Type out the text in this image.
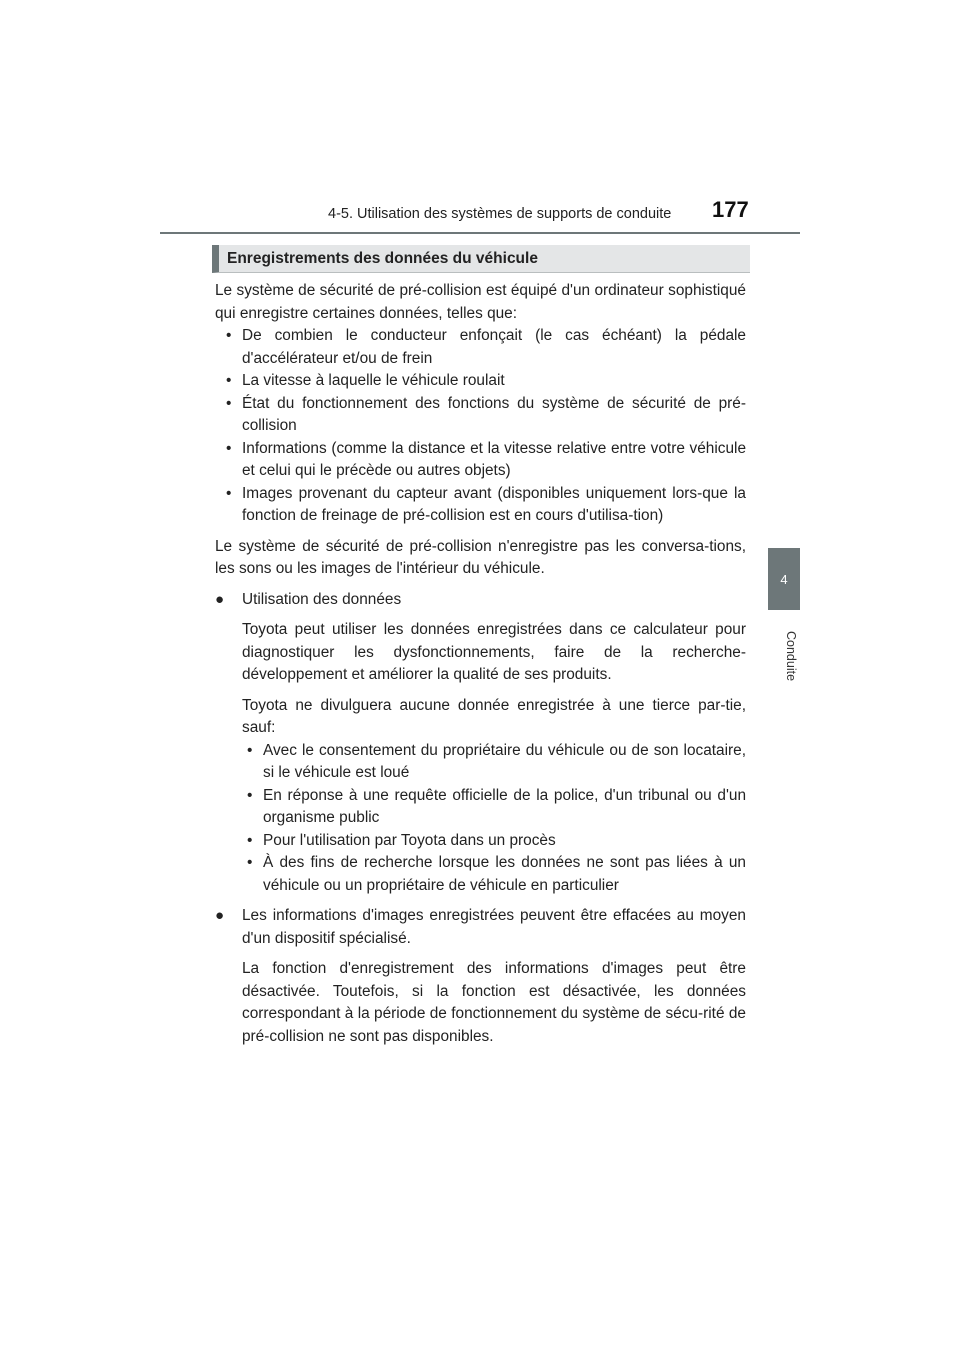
4-5. Utilisation des systèmes de supports de conduite 177
4
Conduite
Enregistrements des données du véhicule

Le système de sécurité de pré-collision est équipé d'un ordinateur sophistiqué qui enregistre certaines données, telles que:

• De combien le conducteur enfonçait (le cas échéant) la pédale d'accélérateur et/ou de frein
• La vitesse à laquelle le véhicule roulait
• État du fonctionnement des fonctions du système de sécurité de pré-collision
• Informations (comme la distance et la vitesse relative entre votre véhicule et celui qui le précède ou autres objets)
• Images provenant du capteur avant (disponibles uniquement lors-que la fonction de freinage de pré-collision est en cours d'utilisa-tion)

Le système de sécurité de pré-collision n'enregistre pas les conversa-tions, les sons ou les images de l'intérieur du véhicule.

● Utilisation des données

Toyota peut utiliser les données enregistrées dans ce calculateur pour diagnostiquer les dysfonctionnements, faire de la recherche-développement et améliorer la qualité de ses produits.

Toyota ne divulguera aucune donnée enregistrée à une tierce par-tie, sauf:

• Avec le consentement du propriétaire du véhicule ou de son locataire, si le véhicule est loué
• En réponse à une requête officielle de la police, d'un tribunal ou d'un organisme public
• Pour l'utilisation par Toyota dans un procès
• À des fins de recherche lorsque les données ne sont pas liées à un véhicule ou un propriétaire de véhicule en particulier
● Les informations d'images enregistrées peuvent être effacées au moyen d'un dispositif spécialisé.

La fonction d'enregistrement des informations d'images peut être désactivée. Toutefois, si la fonction est désactivée, les données correspondant à la période de fonctionnement du système de sécu-rité de pré-collision ne sont pas disponibles.
